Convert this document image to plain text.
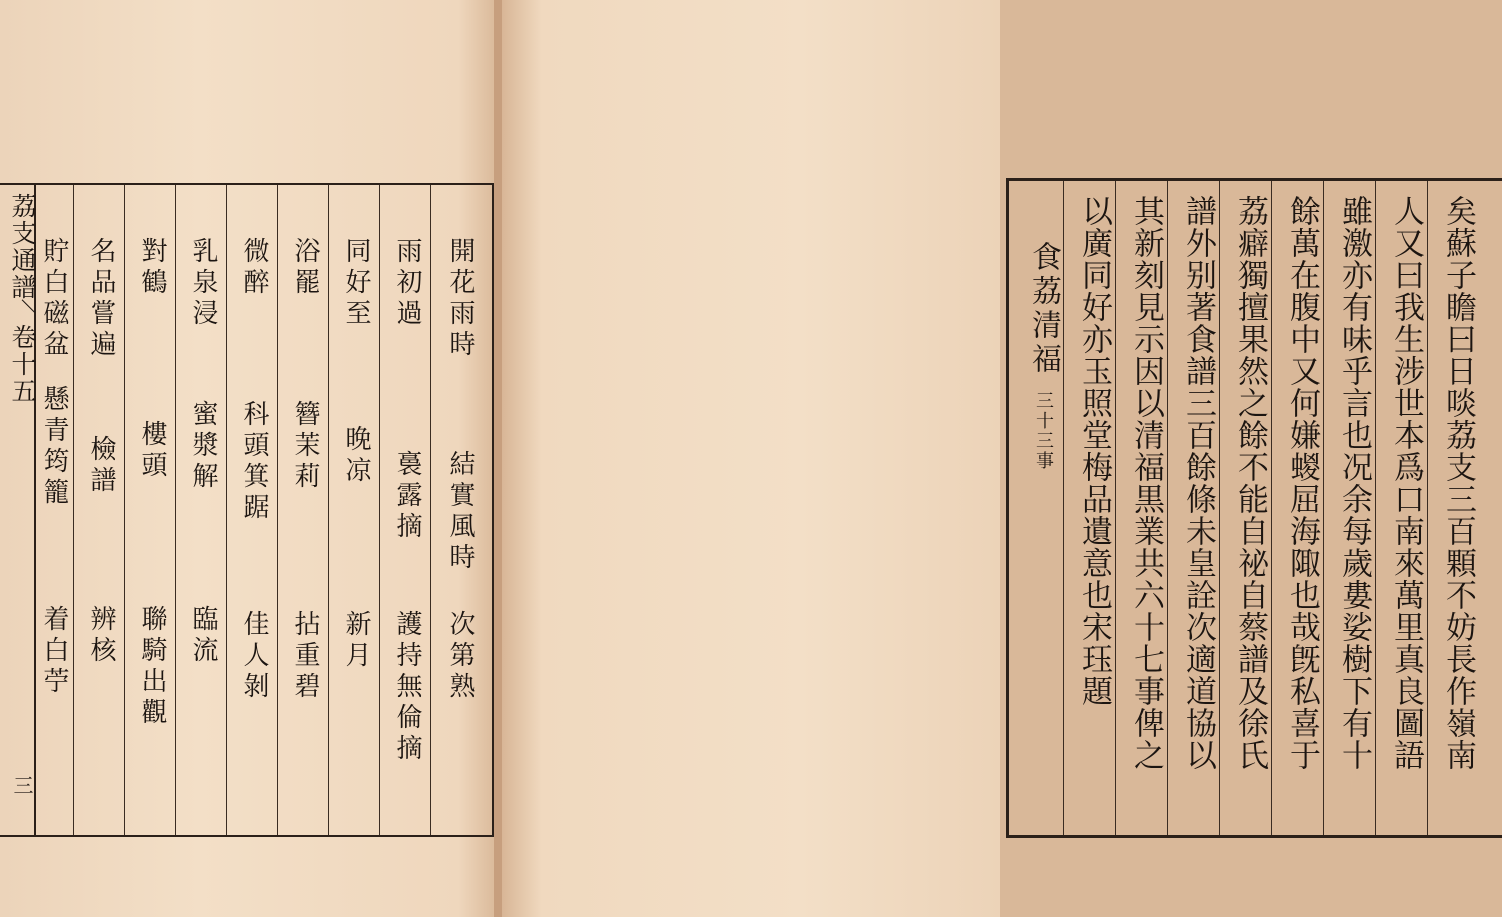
荔支通譜卷十五
三
開花雨時
結實風時
次第熟
雨初過
裛露摘
護持無倫摘
同好至
晚凉
新月
浴罷
簪茉莉
拈重碧
微醉
科頭箕踞
佳人剝
乳泉浸
蜜漿解
臨流
對鶴
樓頭
聯騎出觀
名品嘗遍
檢譜
辨核
貯白磁盆
懸青筠籠
着白苧	矣蘇子瞻曰日啖荔支三百顆不妨長作嶺南
人又曰我生涉世本爲口南來萬里真良圖語
雖激亦有味乎言也况余每歲婁娑樹下有十
餘萬在腹中又何嫌蝬屈海陬也哉旣私喜于
荔癖獨擅果然之餘不能自祕自蔡譜及徐氏
譜外别著食譜三百餘條未皇詮次適道協以
其新刻見示因以清福黒業共六十七事俾之
以廣同好亦玉照堂梅品遺意也宋珏題
食荔清福三十三事
